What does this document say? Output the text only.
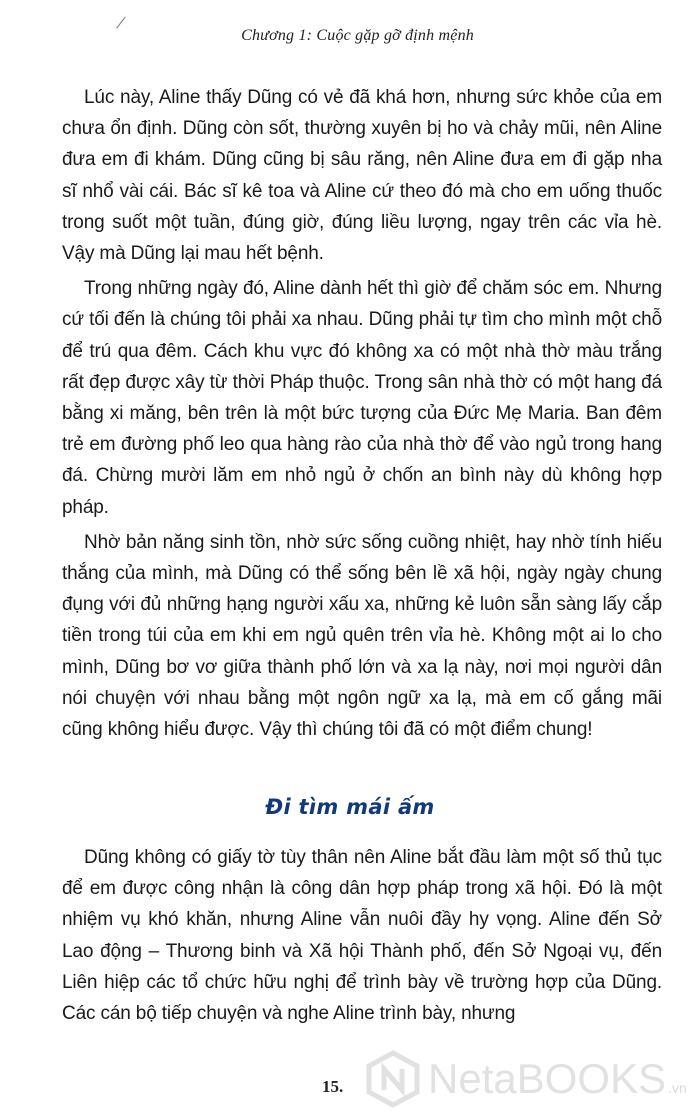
Chương 1: Cuộc gặp gỡ định mệnh

Lúc này, Aline thấy Dũng có vẻ đã khá hơn, nhưng sức khỏe của em chưa ổn định. Dũng còn sốt, thường xuyên bị ho và chảy mũi, nên Aline đưa em đi khám. Dũng cũng bị sâu răng, nên Aline đưa em đi gặp nha sĩ nhổ vài cái. Bác sĩ kê toa và Aline cứ theo đó mà cho em uống thuốc trong suốt một tuần, đúng giờ, đúng liều lượng, ngay trên các vỉa hè. Vậy mà Dũng lại mau hết bệnh.

Trong những ngày đó, Aline dành hết thì giờ để chăm sóc em. Nhưng cứ tối đến là chúng tôi phải xa nhau. Dũng phải tự tìm cho mình một chỗ để trú qua đêm. Cách khu vực đó không xa có một nhà thờ màu trắng rất đẹp được xây từ thời Pháp thuộc. Trong sân nhà thờ có một hang đá bằng xi măng, bên trên là một bức tượng của Đức Mẹ Maria. Ban đêm trẻ em đường phố leo qua hàng rào của nhà thờ để vào ngủ trong hang đá. Chừng mười lăm em nhỏ ngủ ở chốn an bình này dù không hợp pháp.

Nhờ bản năng sinh tồn, nhờ sức sống cuồng nhiệt, hay nhờ tính hiếu thắng của mình, mà Dũng có thể sống bên lề xã hội, ngày ngày chung đụng với đủ những hạng người xấu xa, những kẻ luôn sẵn sàng lấy cắp tiền trong túi của em khi em ngủ quên trên vỉa hè. Không một ai lo cho mình, Dũng bơ vơ giữa thành phố lớn và xa lạ này, nơi mọi người dân nói chuyện với nhau bằng một ngôn ngữ xa lạ, mà em cố gắng mãi cũng không hiểu được. Vậy thì chúng tôi đã có một điểm chung!

Đi tìm mái ấm

Dũng không có giấy tờ tùy thân nên Aline bắt đầu làm một số thủ tục để em được công nhận là công dân hợp pháp trong xã hội. Đó là một nhiệm vụ khó khăn, nhưng Aline vẫn nuôi đầy hy vọng. Aline đến Sở Lao động – Thương binh và Xã hội Thành phố, đến Sở Ngoại vụ, đến Liên hiệp các tổ chức hữu nghị để trình bày về trường hợp của Dũng. Các cán bộ tiếp chuyện và nghe Aline trình bày, nhưng

15. NetaBOOKS .vn
